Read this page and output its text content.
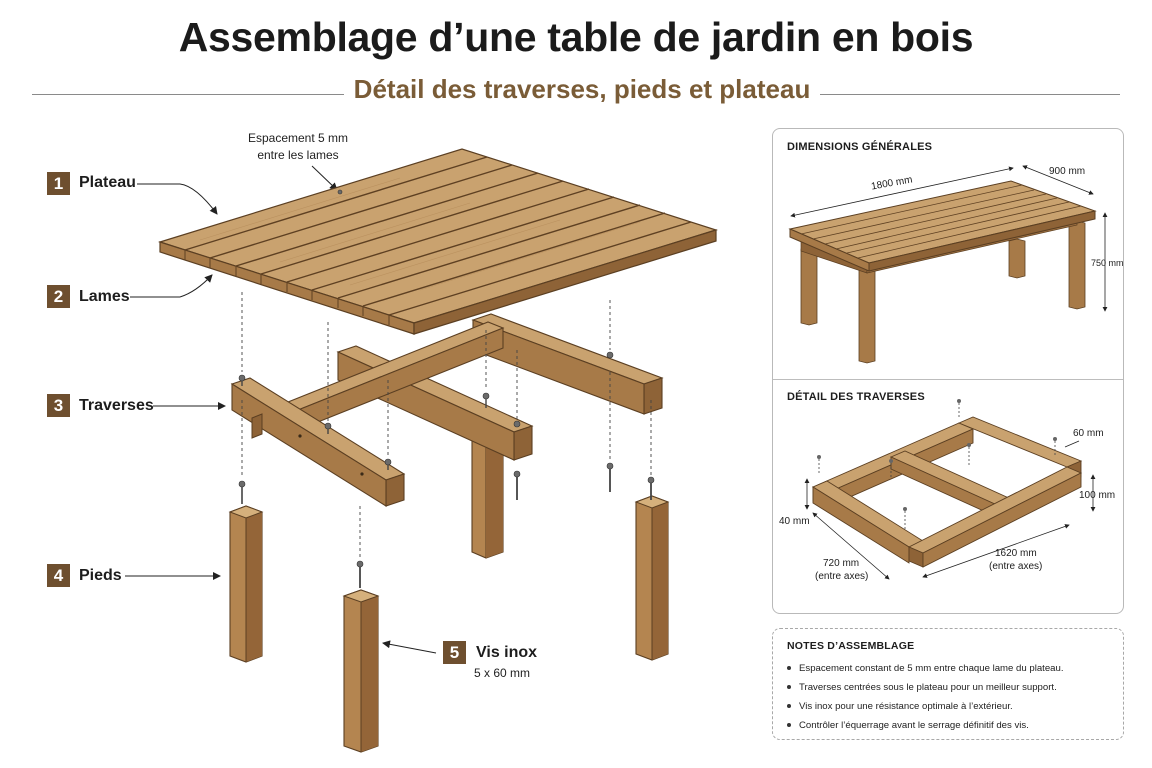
Assemblage d’une table de jardin en bois
Détail des traverses, pieds et plateau
1 Plateau
2 Lames
3 Traverses
4 Pieds
5	Vis inox
5 x 60 mm
Espacement 5 mm
entre les lames
DIMENSIONS GÉNÉRALES
1800 mm
900 mm
750 mm
DÉTAIL DES TRAVERSES
60 mm
100 mm
40 mm
720 mm
(entre axes)
1620 mm
(entre axes)
NOTES D’ASSEMBLAGE
Espacement constant de 5 mm entre chaque lame du plateau.
Traverses centrées sous le plateau pour un meilleur support.
Vis inox pour une résistance optimale à l’extérieur.
Contrôler l’équerrage avant le serrage définitif des vis.
